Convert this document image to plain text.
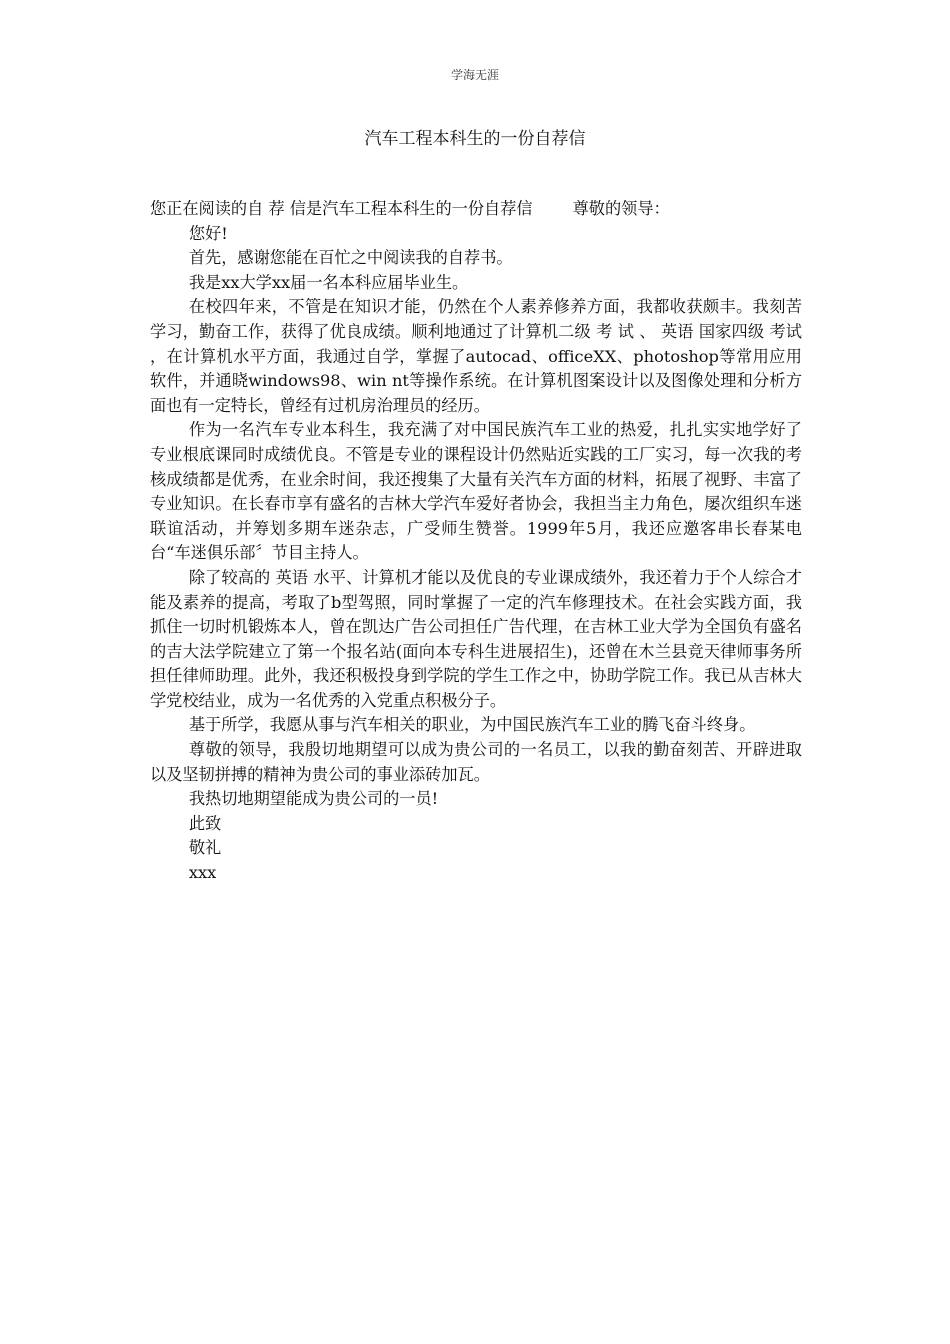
学海无涯
汽车工程本科生的一份自荐信

您正在阅读的自 荐 信是汽车工程本科生的一份自荐信 尊敬的领导：

您好!

首先，感谢您能在百忙之中阅读我的自荐书。

我是xx大学xx届一名本科应届毕业生。

在校四年来，不管是在知识才能，仍然在个人素养修养方面，我都收获颇丰。我刻苦学习，勤奋工作，获得了优良成绩。顺利地通过了计算机二级 考 试 、 英语 国家四级 考试 ，在计算机水平方面，我通过自学，掌握了autocad、officeXX、photoshop等常用应用软件，并通晓windows98、win nt等操作系统。在计算机图案设计以及图像处理和分析方面也有一定特长，曾经有过机房治理员的经历。

作为一名汽车专业本科生，我充满了对中国民族汽车工业的热爱，扎扎实实地学好了专业根底课同时成绩优良。不管是专业的课程设计仍然贴近实践的工厂实习，每一次我的考核成绩都是优秀，在业余时间，我还搜集了大量有关汽车方面的材料，拓展了视野、丰富了专业知识。在长春市享有盛名的吉林大学汽车爱好者协会，我担当主力角色，屡次组织车迷联谊活动，并筹划多期车迷杂志，广受师生赞誉。1999年5月，我还应邀客串长春某电台“车迷俱乐部〞节目主持人。

除了较高的 英语 水平、计算机才能以及优良的专业课成绩外，我还着力于个人综合才能及素养的提高，考取了b型驾照，同时掌握了一定的汽车修理技术。在社会实践方面，我抓住一切时机锻炼本人，曾在凯达广告公司担任广告代理，在吉林工业大学为全国负有盛名的吉大法学院建立了第一个报名站(面向本专科生进展招生)，还曾在木兰县竞天律师事务所担任律师助理。此外，我还积极投身到学院的学生工作之中，协助学院工作。我已从吉林大学党校结业，成为一名优秀的入党重点积极分子。

基于所学，我愿从事与汽车相关的职业，为中国民族汽车工业的腾飞奋斗终身。

尊敬的领导，我殷切地期望可以成为贵公司的一名员工，以我的勤奋刻苦、开辟进取以及坚韧拼搏的精神为贵公司的事业添砖加瓦。

我热切地期望能成为贵公司的一员!

此致

敬礼

xxx
